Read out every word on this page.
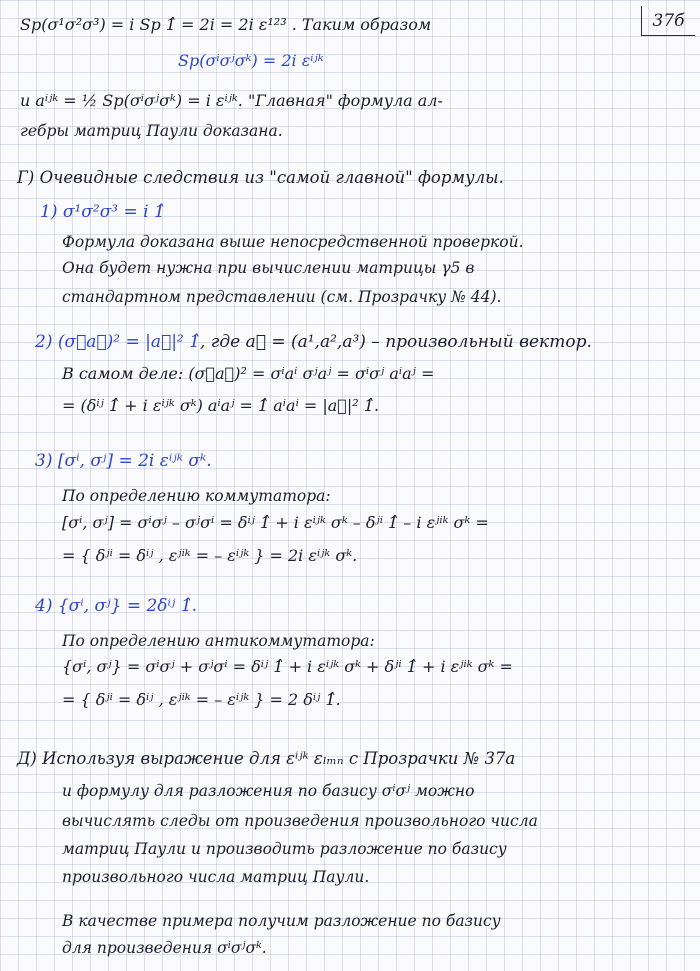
37б
Sp(σ¹σ²σ³) = i Sp 1̂ = 2i = 2i ε¹²³ . Таким образом
Sp(σⁱσʲσᵏ) = 2i εⁱʲᵏ
и aⁱʲᵏ = ½ Sp(σⁱσʲσᵏ) = i εⁱʲᵏ. "Главная" формула ал-
гебры матриц Паули доказана.
Г) Очевидные следствия из "самой главной" формулы.
1) σ¹σ²σ³ = i 1̂
Формула доказана выше непосредственной проверкой.
Она будет нужна при вычислении матрицы γ5 в
стандартном представлении (см. Прозрачку № 44).
2) (σ⃗a⃗)² = |a⃗|² 1̂, где a⃗ = (a¹,a²,a³) – произвольный вектор.
В самом деле: (σ⃗a⃗)² = σⁱaⁱ σʲaʲ = σⁱσʲ aⁱaʲ =
= (δⁱʲ 1̂ + i εⁱʲᵏ σᵏ) aⁱaʲ = 1̂ aⁱaⁱ = |a⃗|² 1̂.
3) [σⁱ, σʲ] = 2i εⁱʲᵏ σᵏ.
По определению коммутатора:
[σⁱ, σʲ] = σⁱσʲ – σʲσⁱ = δⁱʲ 1̂ + i εⁱʲᵏ σᵏ – δʲⁱ 1̂ – i εʲⁱᵏ σᵏ =
= { δʲⁱ = δⁱʲ , εʲⁱᵏ = – εⁱʲᵏ } = 2i εⁱʲᵏ σᵏ.
4) {σⁱ, σʲ} = 2δⁱʲ 1̂.
По определению антикоммутатора:
{σⁱ, σʲ} = σⁱσʲ + σʲσⁱ = δⁱʲ 1̂ + i εⁱʲᵏ σᵏ + δʲⁱ 1̂ + i εʲⁱᵏ σᵏ =
= { δʲⁱ = δⁱʲ , εʲⁱᵏ = – εⁱʲᵏ } = 2 δⁱʲ 1̂.
Д) Используя выражение для εⁱʲᵏ εₗₘₙ с Прозрачки № 37а
и формулу для разложения по базису σⁱσʲ можно
вычислять следы от произведения произвольного числа
матриц Паули и производить разложение по базису
произвольного числа матриц Паули.
В качестве примера получим разложение по базису
для произведения σⁱσʲσᵏ.
